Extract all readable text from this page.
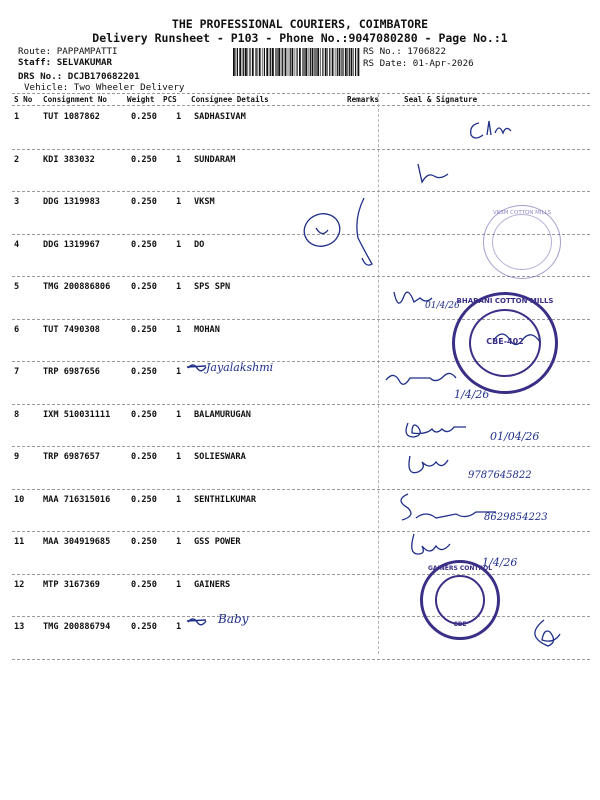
THE PROFESSIONAL COURIERS, COIMBATORE
Delivery Runsheet - P103 - Phone No.:9047080280 - Page No.:1
Route: PAPPAMPATTI
Staff: SELVAKUMAR
DRS No.: DCJB170682201
Vehicle: Two Wheeler Delivery
RS No.: 1706822
RS Date: 01-Apr-2026
S No Consignment No	Weight PCS Consignee Details	Remarks	Seal & Signature
1	TUT 1087862	0.250 1 SADHASIVAM
2	KDI 383032	0.250 1 SUNDARAM
3	DDG 1319983	0.250 1 VKSM
4	DDG 1319967	0.250 1 DO
5	TMG 200886806 0.250 1 SPS SPN
6	TUT 7490308	0.250 1 MOHAN
7	TRP 6987656	0.250 1
8	IXM 510031111 0.250 1 BALAMURUGAN
9	TRP 6987657	0.250 1 SOLIESWARA
10 MAA 716315016 0.250 1 SENTHILKUMAR
11 MAA 304919685 0.250 1 GSS POWER
12 MTP 3167369	0.250 1 GAINERS
13 TMG 200886794 0.250 1
Jayalakshmi
Baby
01/4/26
1/4/26
01/04/26
9787645822
8629854223
1/4/26
VKSM COTTON MILLS
BHARANI COTTON MILLS
CBE-402
GAINERS CONTROL
CBE
